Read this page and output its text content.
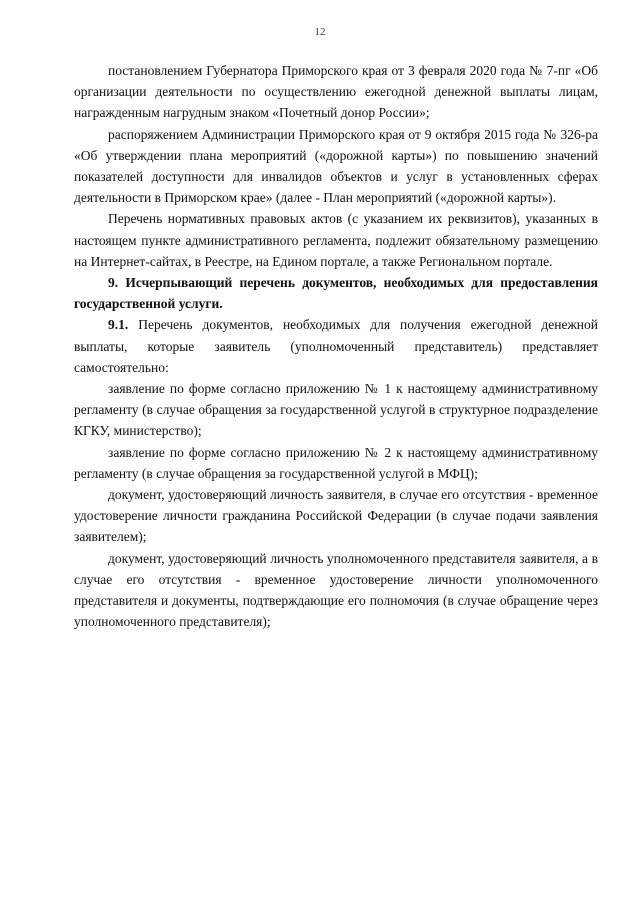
12

постановлением Губернатора Приморского края от 3 февраля 2020 года № 7-пг «Об организации деятельности по осуществлению ежегодной денежной выплаты лицам, награжденным нагрудным знаком «Почетный донор России»;

распоряжением Администрации Приморского края от 9 октября 2015 года № 326-ра «Об утверждении плана мероприятий («дорожной карты») по повышению значений показателей доступности для инвалидов объектов и услуг в установленных сферах деятельности в Приморском крае» (далее - План мероприятий («дорожной карты»).

Перечень нормативных правовых актов (с указанием их реквизитов), указанных в настоящем пункте административного регламента, подлежит обязательному размещению на Интернет-сайтах, в Реестре, на Едином портале, а также Региональном портале.

9. Исчерпывающий перечень документов, необходимых для предоставления государственной услуги.

9.1. Перечень документов, необходимых для получения ежегодной денежной выплаты, которые заявитель (уполномоченный представитель) представляет самостоятельно:

заявление по форме согласно приложению № 1 к настоящему административному регламенту (в случае обращения за государственной услугой в структурное подразделение КГКУ, министерство);

заявление по форме согласно приложению № 2 к настоящему административному регламенту (в случае обращения за государственной услугой в МФЦ);

документ, удостоверяющий личность заявителя, в случае его отсутствия - временное удостоверение личности гражданина Российской Федерации (в случае подачи заявления заявителем);

документ, удостоверяющий личность уполномоченного представителя заявителя, а в случае его отсутствия - временное удостоверение личности уполномоченного представителя и документы, подтверждающие его полномочия (в случае обращение через уполномоченного представителя);
